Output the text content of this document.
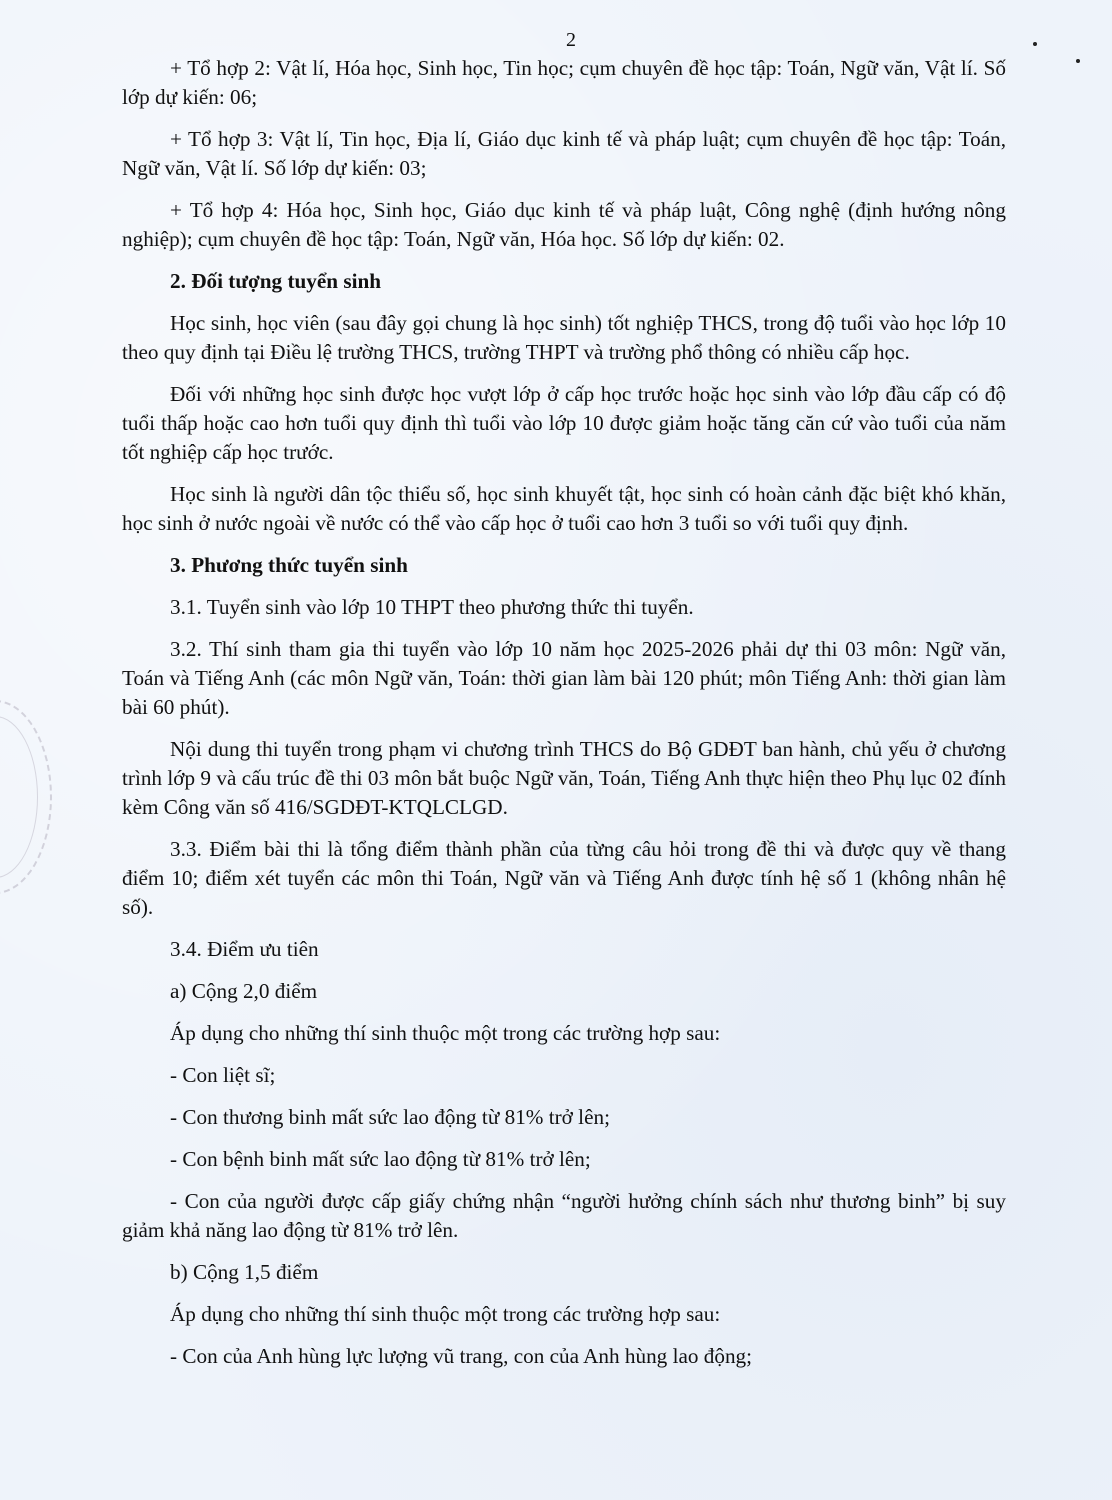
2

+ Tổ hợp 2: Vật lí, Hóa học, Sinh học, Tin học; cụm chuyên đề học tập: Toán, Ngữ văn, Vật lí. Số lớp dự kiến: 06;

+ Tổ hợp 3: Vật lí, Tin học, Địa lí, Giáo dục kinh tế và pháp luật; cụm chuyên đề học tập: Toán, Ngữ văn, Vật lí. Số lớp dự kiến: 03;

+ Tổ hợp 4: Hóa học, Sinh học, Giáo dục kinh tế và pháp luật, Công nghệ (định hướng nông nghiệp); cụm chuyên đề học tập: Toán, Ngữ văn, Hóa học. Số lớp dự kiến: 02.

2. Đối tượng tuyển sinh

Học sinh, học viên (sau đây gọi chung là học sinh) tốt nghiệp THCS, trong độ tuổi vào học lớp 10 theo quy định tại Điều lệ trường THCS, trường THPT và trường phổ thông có nhiều cấp học.

Đối với những học sinh được học vượt lớp ở cấp học trước hoặc học sinh vào lớp đầu cấp có độ tuổi thấp hoặc cao hơn tuổi quy định thì tuổi vào lớp 10 được giảm hoặc tăng căn cứ vào tuổi của năm tốt nghiệp cấp học trước.

Học sinh là người dân tộc thiểu số, học sinh khuyết tật, học sinh có hoàn cảnh đặc biệt khó khăn, học sinh ở nước ngoài về nước có thể vào cấp học ở tuổi cao hơn 3 tuổi so với tuổi quy định.

3. Phương thức tuyển sinh

3.1. Tuyển sinh vào lớp 10 THPT theo phương thức thi tuyển.

3.2. Thí sinh tham gia thi tuyển vào lớp 10 năm học 2025-2026 phải dự thi 03 môn: Ngữ văn, Toán và Tiếng Anh (các môn Ngữ văn, Toán: thời gian làm bài 120 phút; môn Tiếng Anh: thời gian làm bài 60 phút).

Nội dung thi tuyển trong phạm vi chương trình THCS do Bộ GDĐT ban hành, chủ yếu ở chương trình lớp 9 và cấu trúc đề thi 03 môn bắt buộc Ngữ văn, Toán, Tiếng Anh thực hiện theo Phụ lục 02 đính kèm Công văn số 416/SGDĐT-KTQLCLGD.

3.3. Điểm bài thi là tổng điểm thành phần của từng câu hỏi trong đề thi và được quy về thang điểm 10; điểm xét tuyển các môn thi Toán, Ngữ văn và Tiếng Anh được tính hệ số 1 (không nhân hệ số).

3.4. Điểm ưu tiên

a) Cộng 2,0 điểm

Áp dụng cho những thí sinh thuộc một trong các trường hợp sau:

- Con liệt sĩ;

- Con thương binh mất sức lao động từ 81% trở lên;

- Con bệnh binh mất sức lao động từ 81% trở lên;

- Con của người được cấp giấy chứng nhận “người hưởng chính sách như thương binh” bị suy giảm khả năng lao động từ 81% trở lên.

b) Cộng 1,5 điểm

Áp dụng cho những thí sinh thuộc một trong các trường hợp sau:

- Con của Anh hùng lực lượng vũ trang, con của Anh hùng lao động;
